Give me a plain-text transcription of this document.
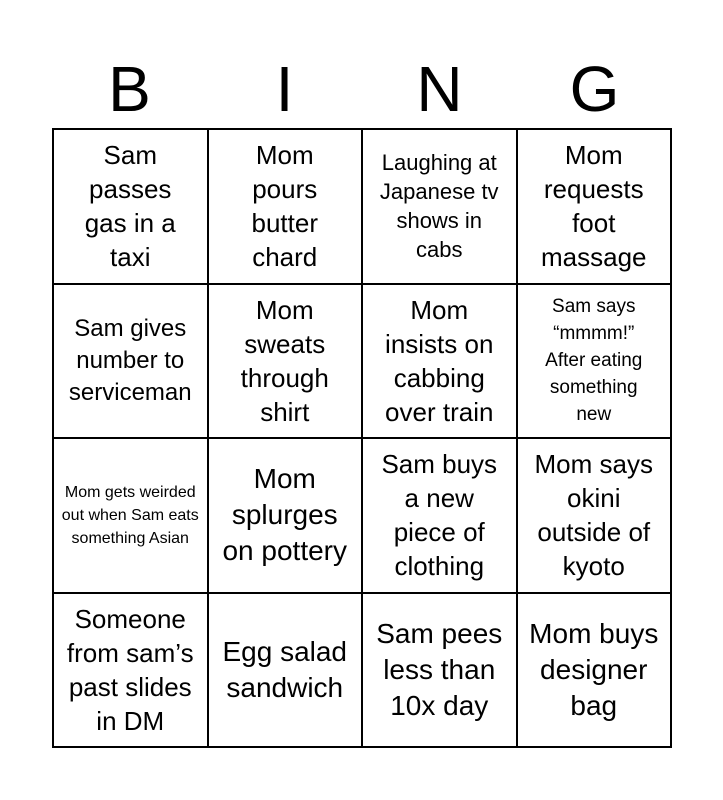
B	I	N	G
Sam passes gas in a taxi
Mom pours butter chard
Laughing at Japanese tv shows in cabs
Mom requests foot massage
Sam gives number to serviceman
Mom sweats through shirt
Mom insists on cabbing over train
Sam says “mmmm!” After eating something new
Mom gets weirded out when Sam eats something Asian
Mom splurges on pottery
Sam buys a new piece of clothing
Mom says okini outside of kyoto
Someone from sam’s past slides in DM
Egg salad sandwich
Sam pees less than 10x day
Mom buys designer bag
